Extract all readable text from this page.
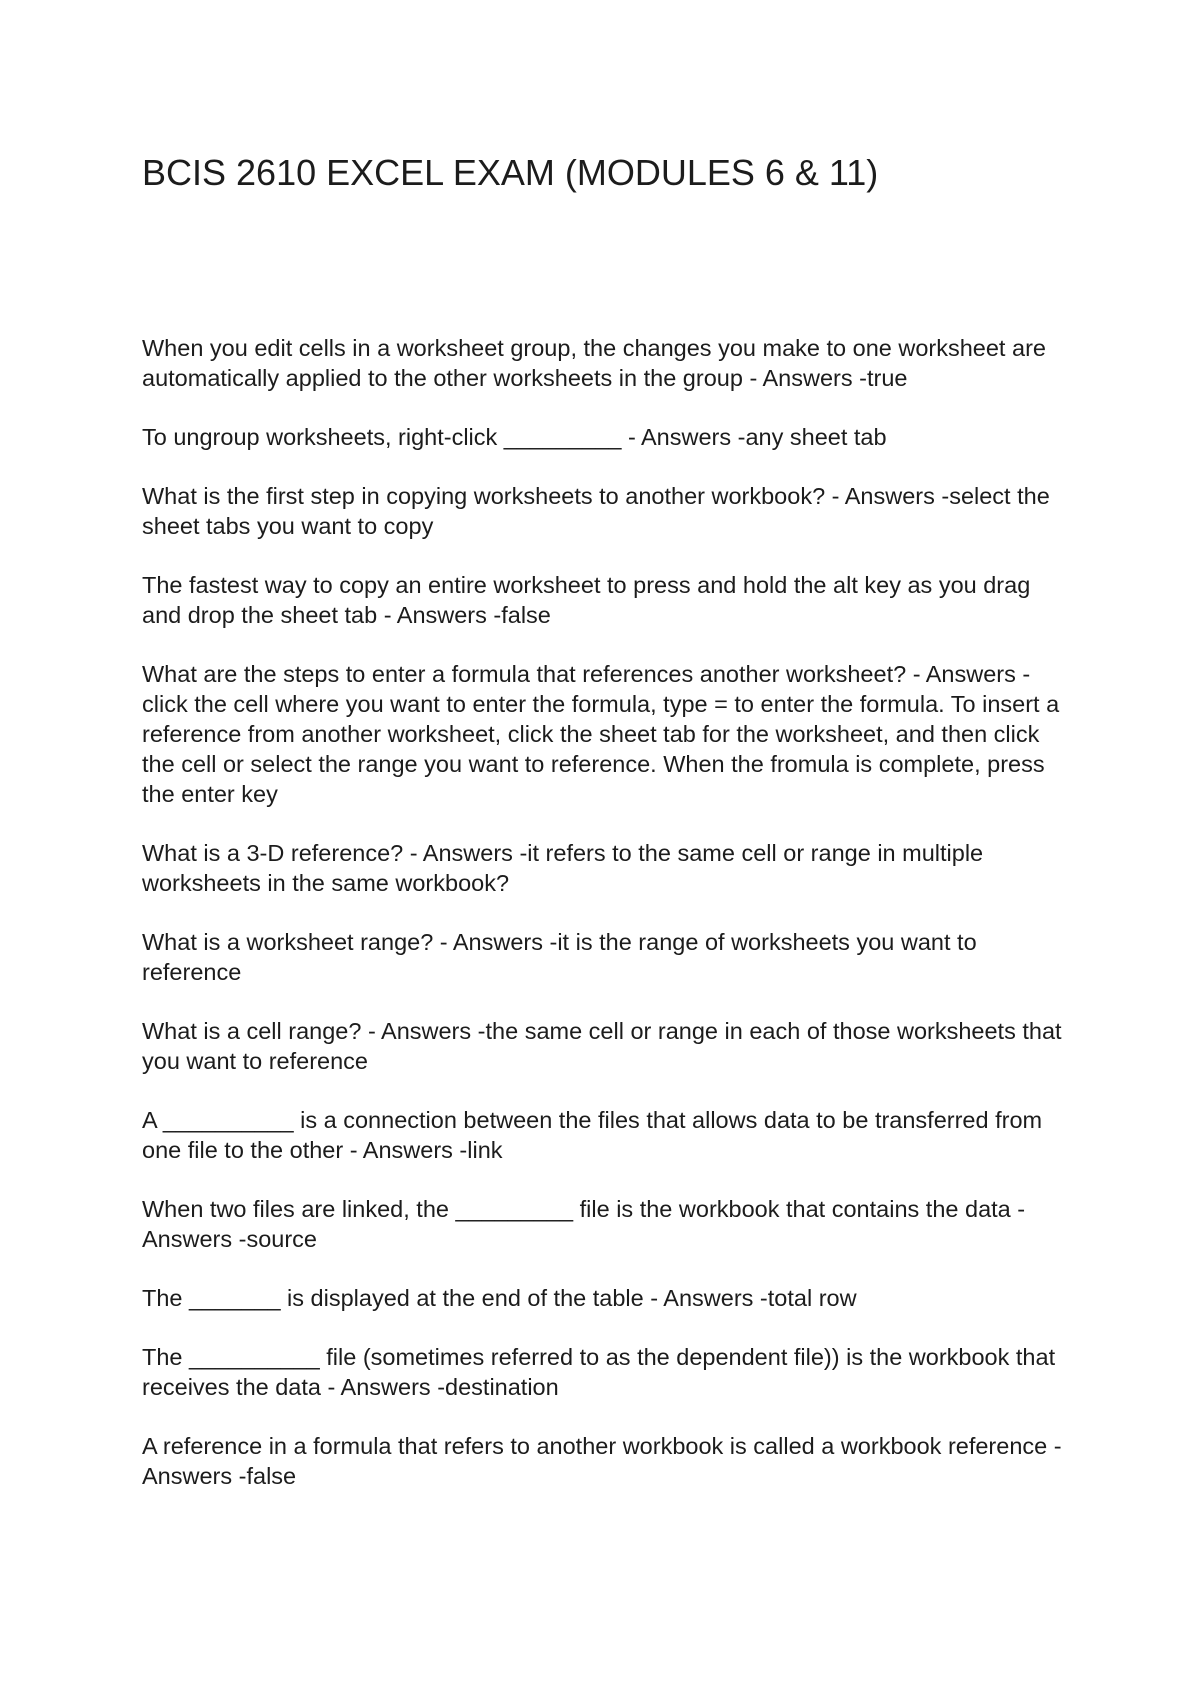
BCIS 2610 EXCEL EXAM (MODULES 6 & 11)
When you edit cells in a worksheet group, the changes you make to one worksheet are automatically applied to the other worksheets in the group - Answers -true
To ungroup worksheets, right-click _________ - Answers -any sheet tab
What is the first step in copying worksheets to another workbook? - Answers -select the sheet tabs you want to copy
The fastest way to copy an entire worksheet to press and hold the alt key as you drag and drop the sheet tab - Answers -false
What are the steps to enter a formula that references another worksheet? - Answers -click the cell where you want to enter the formula, type = to enter the formula. To insert a reference from another worksheet, click the sheet tab for the worksheet, and then click the cell or select the range you want to reference. When the fromula is complete, press the enter key
What is a 3-D reference? - Answers -it refers to the same cell or range in multiple worksheets in the same workbook?
What is a worksheet range? - Answers -it is the range of worksheets you want to reference
What is a cell range? - Answers -the same cell or range in each of those worksheets that you want to reference
A __________ is a connection between the files that allows data to be transferred from one file to the other - Answers -link
When two files are linked, the _________ file is the workbook that contains the data - Answers -source
The _______ is displayed at the end of the table - Answers -total row
The __________ file (sometimes referred to as the dependent file)) is the workbook that receives the data - Answers -destination
A reference in a formula that refers to another workbook is called a workbook reference - Answers -false
